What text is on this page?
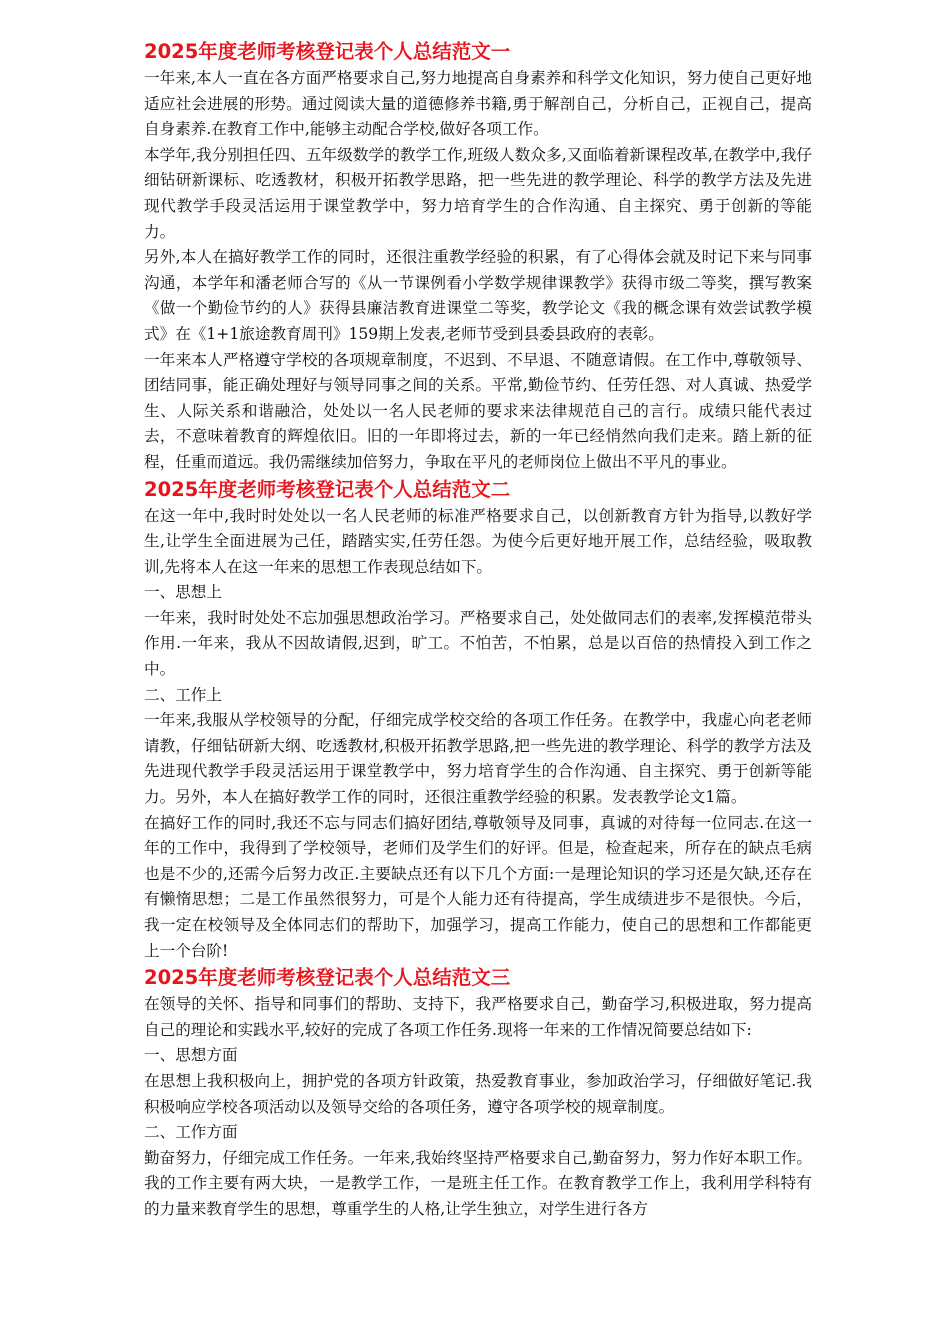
2025年度老师考核登记表个人总结范文一

一年来,本人一直在各方面严格要求自己,努力地提高自身素养和科学文化知识，努力使自己更好地适应社会进展的形势。通过阅读大量的道德修养书籍,勇于解剖自己，分析自己，正视自己，提高自身素养.在教育工作中,能够主动配合学校,做好各项工作。

本学年,我分别担任四、五年级数学的教学工作,班级人数众多,又面临着新课程改革,在教学中,我仔细钻研新课标、吃透教材，积极开拓教学思路，把一些先进的教学理论、科学的教学方法及先进现代教学手段灵活运用于课堂教学中，努力培育学生的合作沟通、自主探究、勇于创新的等能力。

另外,本人在搞好教学工作的同时，还很注重教学经验的积累，有了心得体会就及时记下来与同事沟通，本学年和潘老师合写的《从一节课例看小学数学规律课教学》获得市级二等奖，撰写教案《做一个勤俭节约的人》获得县廉洁教育进课堂二等奖，教学论文《我的概念课有效尝试教学模式》在《1+1旅途教育周刊》159期上发表,老师节受到县委县政府的表彰。

一年来本人严格遵守学校的各项规章制度，不迟到、不早退、不随意请假。在工作中,尊敬领导、团结同事，能正确处理好与领导同事之间的关系。平常,勤俭节约、任劳任怨、对人真诚、热爱学生、人际关系和谐融洽，处处以一名人民老师的要求来法律规范自己的言行。成绩只能代表过去，不意味着教育的辉煌依旧。旧的一年即将过去，新的一年已经悄然向我们走来。踏上新的征程，任重而道远。我仍需继续加倍努力，争取在平凡的老师岗位上做出不平凡的事业。

2025年度老师考核登记表个人总结范文二

在这一年中,我时时处处以一名人民老师的标准严格要求自己，以创新教育方针为指导,以教好学生,让学生全面进展为己任，踏踏实实,任劳任怨。为使今后更好地开展工作，总结经验，吸取教训,先将本人在这一年来的思想工作表现总结如下。

一、思想上

一年来，我时时处处不忘加强思想政治学习。严格要求自己，处处做同志们的表率,发挥模范带头作用.一年来，我从不因故请假,迟到，旷工。不怕苦，不怕累，总是以百倍的热情投入到工作之中。

二、工作上

一年来,我服从学校领导的分配，仔细完成学校交给的各项工作任务。在教学中，我虚心向老老师请教，仔细钻研新大纲、吃透教材,积极开拓教学思路,把一些先进的教学理论、科学的教学方法及先进现代教学手段灵活运用于课堂教学中，努力培育学生的合作沟通、自主探究、勇于创新等能力。另外，本人在搞好教学工作的同时，还很注重教学经验的积累。发表教学论文1篇。

在搞好工作的同时,我还不忘与同志们搞好团结,尊敬领导及同事，真诚的对待每一位同志.在这一年的工作中，我得到了学校领导，老师们及学生们的好评。但是，检查起来，所存在的缺点毛病也是不少的,还需今后努力改正.主要缺点还有以下几个方面:一是理论知识的学习还是欠缺,还存在有懒惰思想；二是工作虽然很努力，可是个人能力还有待提高，学生成绩进步不是很快。今后，我一定在校领导及全体同志们的帮助下，加强学习，提高工作能力，使自己的思想和工作都能更上一个台阶!

2025年度老师考核登记表个人总结范文三

在领导的关怀、指导和同事们的帮助、支持下，我严格要求自己，勤奋学习,积极进取，努力提高自己的理论和实践水平,较好的完成了各项工作任务.现将一年来的工作情况简要总结如下:

一、思想方面

在思想上我积极向上，拥护党的各项方针政策，热爱教育事业，参加政治学习，仔细做好笔记.我积极响应学校各项活动以及领导交给的各项任务，遵守各项学校的规章制度。

二、工作方面

勤奋努力，仔细完成工作任务。一年来,我始终坚持严格要求自己,勤奋努力，努力作好本职工作。我的工作主要有两大块，一是教学工作，一是班主任工作。在教育教学工作上，我利用学科特有的力量来教育学生的思想，尊重学生的人格,让学生独立，对学生进行各方
